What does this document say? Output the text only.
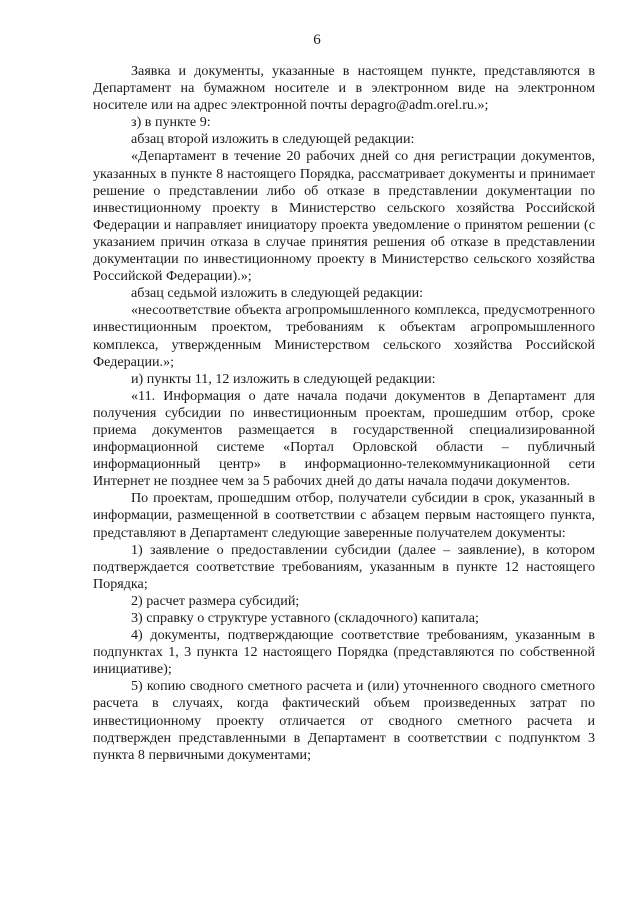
6

Заявка и документы, указанные в настоящем пункте, представляются в Департамент на бумажном носителе и в электронном виде на электронном носителе или на адрес электронной почты depagro@adm.orel.ru.»;

з) в пункте 9:

абзац второй изложить в следующей редакции:

«Департамент в течение 20 рабочих дней со дня регистрации документов, указанных в пункте 8 настоящего Порядка, рассматривает документы и принимает решение о представлении либо об отказе в представлении документации по инвестиционному проекту в Министерство сельского хозяйства Российской Федерации и направляет инициатору проекта уведомление о принятом решении (с указанием причин отказа в случае принятия решения об отказе в представлении документации по инвестиционному проекту в Министерство сельского хозяйства Российской Федерации).»;

абзац седьмой изложить в следующей редакции:

«несоответствие объекта агропромышленного комплекса, предусмотренного инвестиционным проектом, требованиям к объектам агропромышленного комплекса, утвержденным Министерством сельского хозяйства Российской Федерации.»;

и) пункты 11, 12 изложить в следующей редакции:

«11. Информация о дате начала подачи документов в Департамент для получения субсидии по инвестиционным проектам, прошедшим отбор, сроке приема документов размещается в государственной специализированной информационной системе «Портал Орловской области – публичный информационный центр» в информационно-телекоммуникационной сети Интернет не позднее чем за 5 рабочих дней до даты начала подачи документов.

По проектам, прошедшим отбор, получатели субсидии в срок, указанный в информации, размещенной в соответствии с абзацем первым настоящего пункта, представляют в Департамент следующие заверенные получателем документы:

1) заявление о предоставлении субсидии (далее – заявление), в котором подтверждается соответствие требованиям, указанным в пункте 12 настоящего Порядка;

2) расчет размера субсидий;

3) справку о структуре уставного (складочного) капитала;

4) документы, подтверждающие соответствие требованиям, указанным в подпунктах 1, 3 пункта 12 настоящего Порядка (представляются по собственной инициативе);

5) копию сводного сметного расчета и (или) уточненного сводного сметного расчета в случаях, когда фактический объем произведенных затрат по инвестиционному проекту отличается от сводного сметного расчета и подтвержден представленными в Департамент в соответствии с подпунктом 3 пункта 8 первичными документами;
